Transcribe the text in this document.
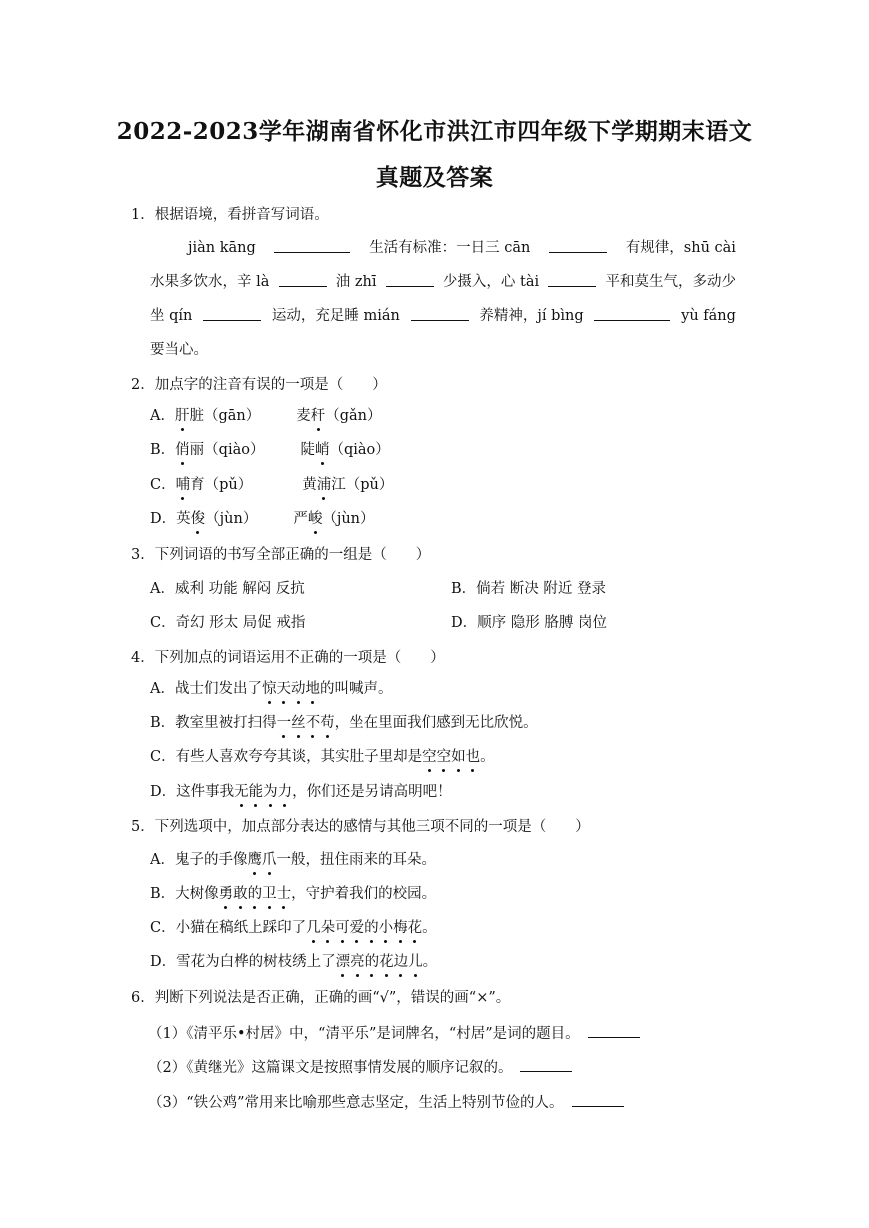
2022-2023学年湖南省怀化市洪江市四年级下学期期末语文
真题及答案
1．根据语境，看拼音写词语。
jiàn kāng	生活有标准：一日三 cān	有规律，shū cài
水果多饮水，辛 là	油 zhī	少摄入，心 tài	平和莫生气，多动少
坐 qín	运动，充足睡 mián	养精神，jí bìng	yù fáng
要当心。
2．加点字的注音有误的一项是（　　）
A．肝脏（gān） 麦秆（gǎn）
B．俏丽（qiào） 陡峭（qiào）
C．哺育（pǔ）	黄浦江（pǔ）
D．英俊（jùn） 严峻（jùn）
3．下列词语的书写全部正确的一组是（　　）
A．威利 功能 解闷 反抗	B．倘若 断决 附近 登录
C．奇幻 形太 局促 戒指	D．顺序 隐形 胳膊 岗位
4．下列加点的词语运用不正确的一项是（　　）
A．战士们发出了惊天动地的叫喊声。
B．教室里被打扫得一丝不苟，坐在里面我们感到无比欣悦。
C．有些人喜欢夸夸其谈，其实肚子里却是空空如也。
D．这件事我无能为力，你们还是另请高明吧！
5．下列选项中，加点部分表达的感情与其他三项不同的一项是（　　）
A．鬼子的手像鹰爪一般，扭住雨来的耳朵。
B．大树像勇敢的卫士，守护着我们的校园。
C．小猫在稿纸上踩印了几朵可爱的小梅花。
D．雪花为白桦的树枝绣上了漂亮的花边儿。
6．判断下列说法是否正确，正确的画“√”，错误的画“×”。
（1）《清平乐•村居》中，“清平乐”是词牌名，“村居”是词的题目。
（2）《黄继光》这篇课文是按照事情发展的顺序记叙的。
（3）“铁公鸡”常用来比喻那些意志坚定，生活上特别节俭的人。
